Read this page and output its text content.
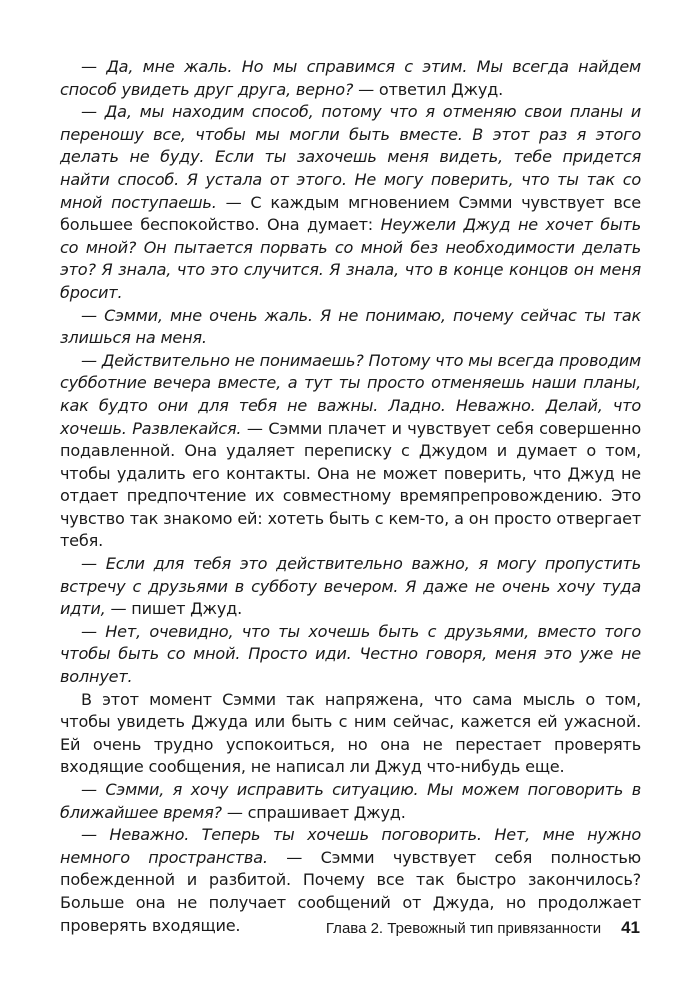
— Да, мне жаль. Но мы справимся с этим. Мы всегда найдем способ увидеть друг друга, верно? — ответил Джуд.

— Да, мы находим способ, потому что я отменяю свои планы и переношу все, чтобы мы могли быть вместе. В этот раз я этого делать не буду. Если ты захочешь меня видеть, тебе придется найти способ. Я устала от этого. Не могу поверить, что ты так со мной поступаешь. — С каждым мгновением Сэмми чувствует все большее беспокойство. Она думает: Неужели Джуд не хочет быть со мной? Он пытается порвать со мной без необходимости делать это? Я знала, что это случится. Я знала, что в конце концов он меня бросит.

— Сэмми, мне очень жаль. Я не понимаю, почему сейчас ты так злишься на меня.

— Действительно не понимаешь? Потому что мы всегда проводим субботние вечера вместе, а тут ты просто отменяешь наши планы, как будто они для тебя не важны. Ладно. Неважно. Делай, что хочешь. Развлекайся. — Сэмми плачет и чувствует себя совершенно подавленной. Она удаляет переписку с Джудом и думает о том, чтобы удалить его контакты. Она не может поверить, что Джуд не отдает предпочтение их совместному времяпрепровождению. Это чувство так знакомо ей: хотеть быть с кем-то, а он просто отвергает тебя.

— Если для тебя это действительно важно, я могу пропустить встречу с друзьями в субботу вечером. Я даже не очень хочу туда идти, — пишет Джуд.

— Нет, очевидно, что ты хочешь быть с друзьями, вместо того чтобы быть со мной. Просто иди. Честно говоря, меня это уже не волнует.

В этот момент Сэмми так напряжена, что сама мысль о том, чтобы увидеть Джуда или быть с ним сейчас, кажется ей ужасной. Ей очень трудно успокоиться, но она не перестает проверять входящие сообщения, не написал ли Джуд что-нибудь еще.

— Сэмми, я хочу исправить ситуацию. Мы можем поговорить в ближайшее время? — спрашивает Джуд.

— Неважно. Теперь ты хочешь поговорить. Нет, мне нужно немного пространства. — Сэмми чувствует себя полностью побежденной и разбитой. Почему все так быстро закончилось? Больше она не получает сообщений от Джуда, но продолжает проверять входящие.	Глава 2. Тревожный тип привязанности 41
